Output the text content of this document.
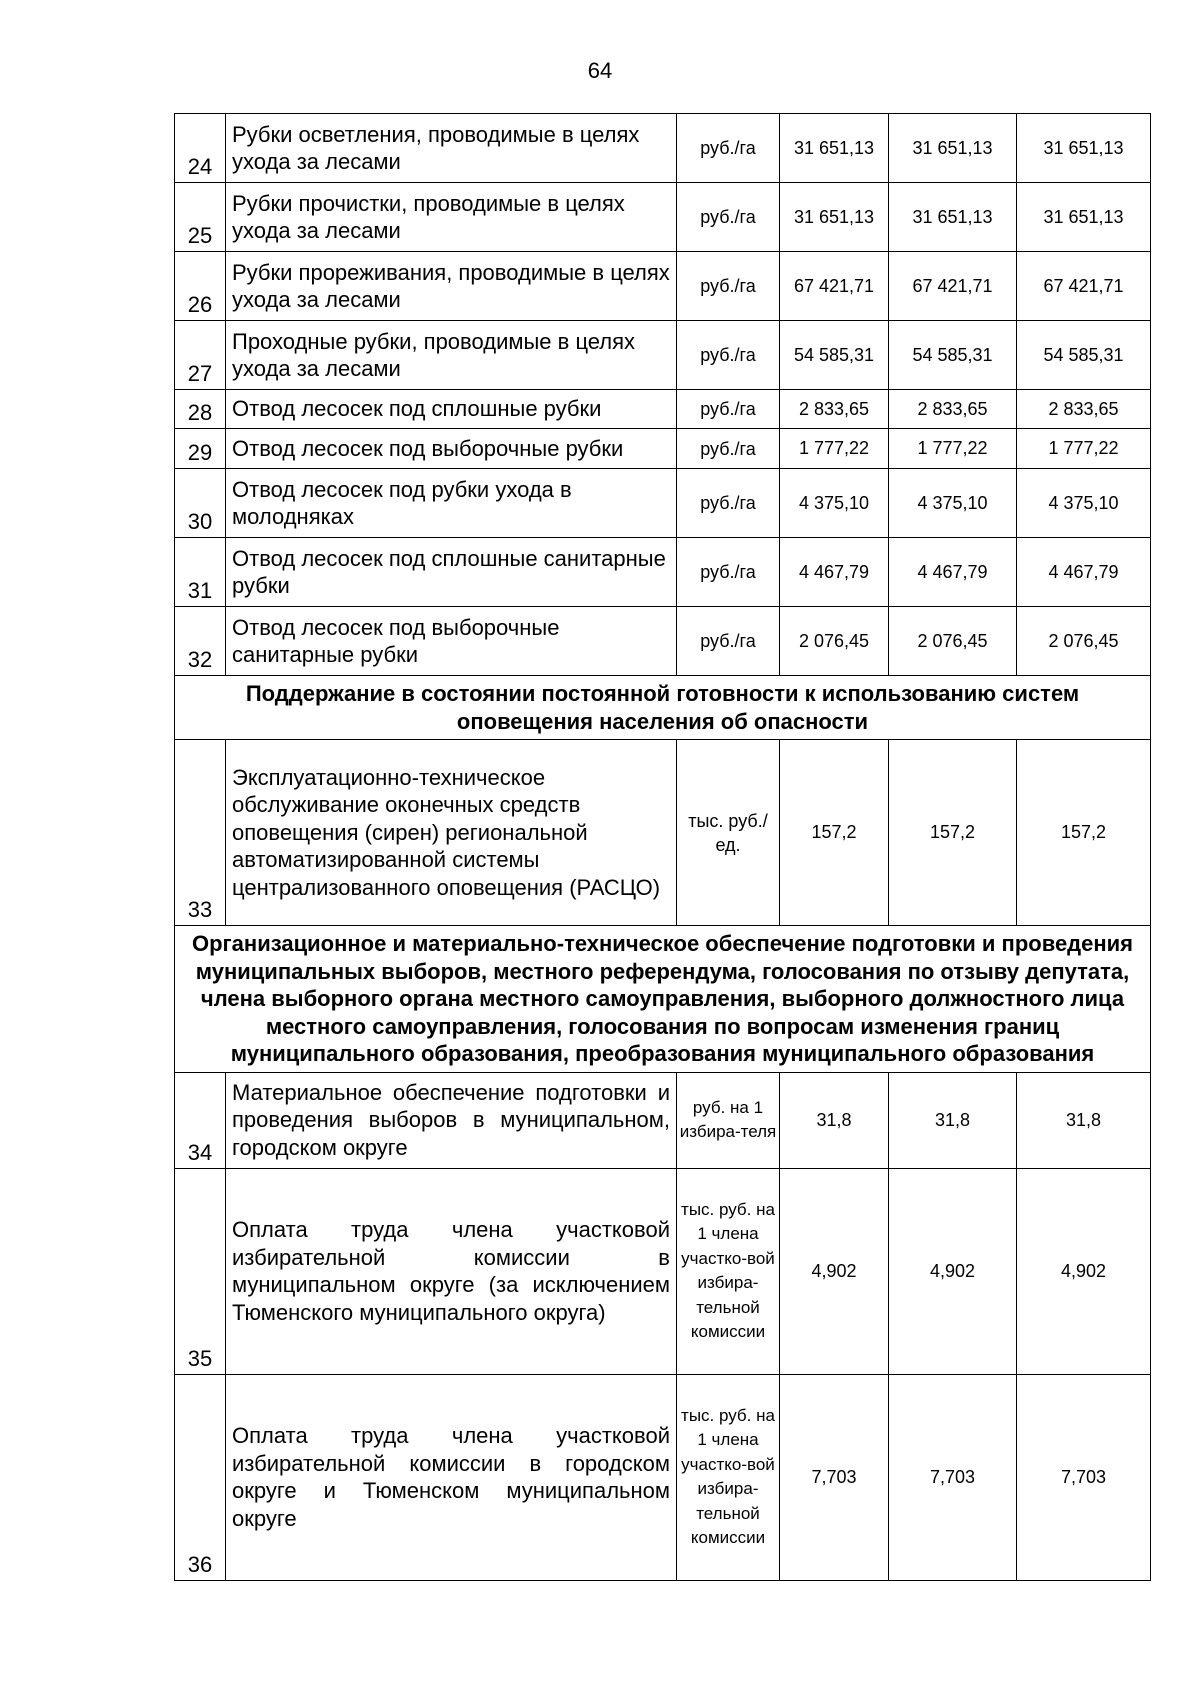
64
24	Рубки осветления, проводимые в целях ухода за лесами	руб./га	31 651,13	31 651,13	31 651,13
25	Рубки прочистки, проводимые в целях ухода за лесами	руб./га	31 651,13	31 651,13	31 651,13
26	Рубки прореживания, проводимые в целях ухода за лесами	руб./га	67 421,71	67 421,71	67 421,71
27	Проходные рубки, проводимые в целях ухода за лесами	руб./га	54 585,31	54 585,31	54 585,31
28	Отвод лесосек под сплошные рубки	руб./га	2 833,65	2 833,65	2 833,65
29	Отвод лесосек под выборочные рубки	руб./га	1 777,22	1 777,22	1 777,22
30	Отвод лесосек под рубки ухода в молодняках	руб./га	4 375,10	4 375,10	4 375,10
31	Отвод лесосек под сплошные санитарные рубки	руб./га	4 467,79	4 467,79	4 467,79
32	Отвод лесосек под выборочные санитарные рубки	руб./га	2 076,45	2 076,45	2 076,45
Поддержание в состоянии постоянной готовности к использованию систем оповещения населения об опасности					
33	Эксплуатационно-техническое обслуживание оконечных средств оповещения (сирен) региональной автоматизированной системы централизованного оповещения (РАСЦО)	тыс. руб./ед.	157,2	157,2	157,2
Организационное и материально-техническое обеспечение подготовки и проведения муниципальных выборов, местного референдума, голосования по отзыву депутата, члена выборного органа местного самоуправления, выборного должностного лица местного самоуправления, голосования по вопросам изменения границ муниципального образования, преобразования муниципального образования					
34	Материальное обеспечение подготовки и проведения выборов в муниципальном, городском округе	руб. на 1 избира-теля	31,8	31,8	31,8
35	Оплата труда члена участковой избирательной комиссии в муниципальном округе (за исключением Тюменского муниципального округа)	тыс. руб. на 1 члена участко-вой избира-тельной комиссии	4,902	4,902	4,902
36	Оплата труда члена участковой избирательной комиссии в городском округе и Тюменском муниципальном округе	тыс. руб. на 1 члена участко-вой избира-тельной комиссии	7,703	7,703	7,703
